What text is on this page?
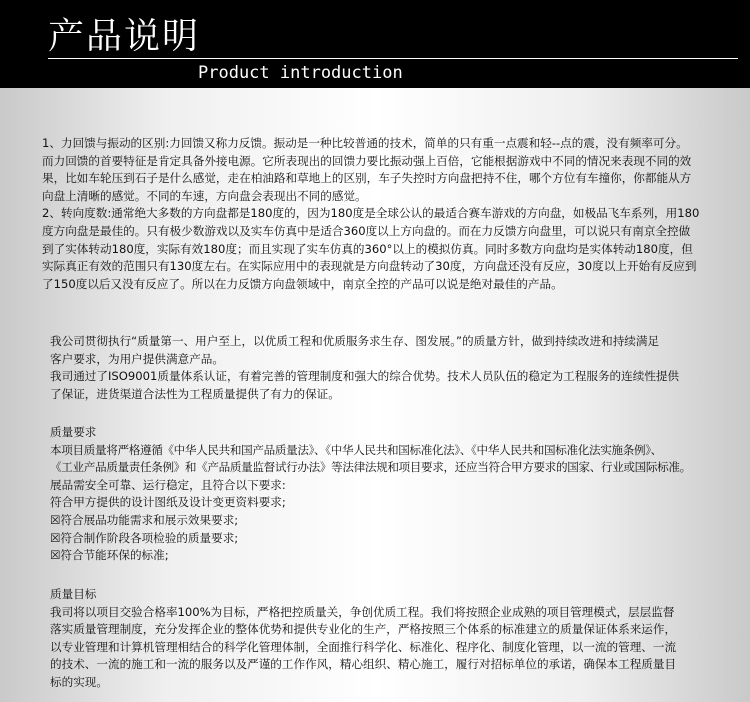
产品说明
Product introduction

1、力回馈与振动的区别:力回馈又称力反馈。振动是一种比较普通的技术，简单的只有重一点震和轻--点的震，没有频率可分。

而力回馈的首要特征是肯定具备外接电源。它所表现出的回馈力要比振动强上百倍，它能根据游戏中不同的情况来表现不同的效

果，比如车轮压到石子是什么感觉，走在柏油路和草地上的区别，车子失控时方向盘把持不住，哪个方位有车撞你，你都能从方

向盘上清晰的感觉。不同的车速，方向盘会表现出不同的感觉。

2、转向度数:通常绝大多数的方向盘都是180度的，因为180度是全球公认的最适合赛车游戏的方向盘，如极品飞车系列，用180

度方向盘是最佳的。只有极少数游戏以及实车仿真中是适合360度以上方向盘的。而在力反馈方向盘里，可以说只有南京全控做

到了实体转动180度，实际有效180度；而且实现了实车仿真的360°以上的模拟仿真。同时多数方向盘均是实体转动180度，但

实际真正有效的范围只有130度左右。在实际应用中的表现就是方向盘转动了30度，方向盘还没有反应，30度以上开始有反应到

了150度以后又没有反应了。所以在力反馈方向盘领域中，南京全控的产品可以说是绝对最佳的产品。

我公司贯彻执行“质量第一、用户至上，以优质工程和优质服务求生存、图发展。”的质量方针，做到持续改进和持续满足

客户要求，为用户提供满意产品。

我司通过了ISO9001质量体系认证，有着完善的管理制度和强大的综合优势。技术人员队伍的稳定为工程服务的连续性提供

了保证，进货渠道合法性为工程质量提供了有力的保证。

质量要求

本项目质量将严格遵循《中华人民共和国产品质量法》、《中华人民共和国标准化法》、《中华人民共和国标准化法实施条例》、

《工业产品质量责任条例》和《产品质量监督试行办法》等法律法规和项目要求，还应当符合甲方要求的国家、行业或国际标准。

展品需安全可靠、运行稳定，且符合以下要求:

符合甲方提供的设计图纸及设计变更资料要求;

☒符合展品功能需求和展示效果要求;

☒符合制作阶段各项检验的质量要求;

☒符合节能环保的标准;

质量目标

我司将以项目交验合格率100%为目标，严格把控质量关，争创优质工程。我们将按照企业成熟的项目管理模式，层层监督

落实质量管理制度，充分发挥企业的整体优势和提供专业化的生产，严格按照三个体系的标准建立的质量保证体系来运作，

以专业管理和计算机管理相结合的科学化管理体制，全面推行科学化、标准化、程序化、制度化管理，以一流的管理、一流

的技术、一流的施工和一流的服务以及严谨的工作作风，精心组织、精心施工，履行对招标单位的承诺，确保本工程质量目

标的实现。
